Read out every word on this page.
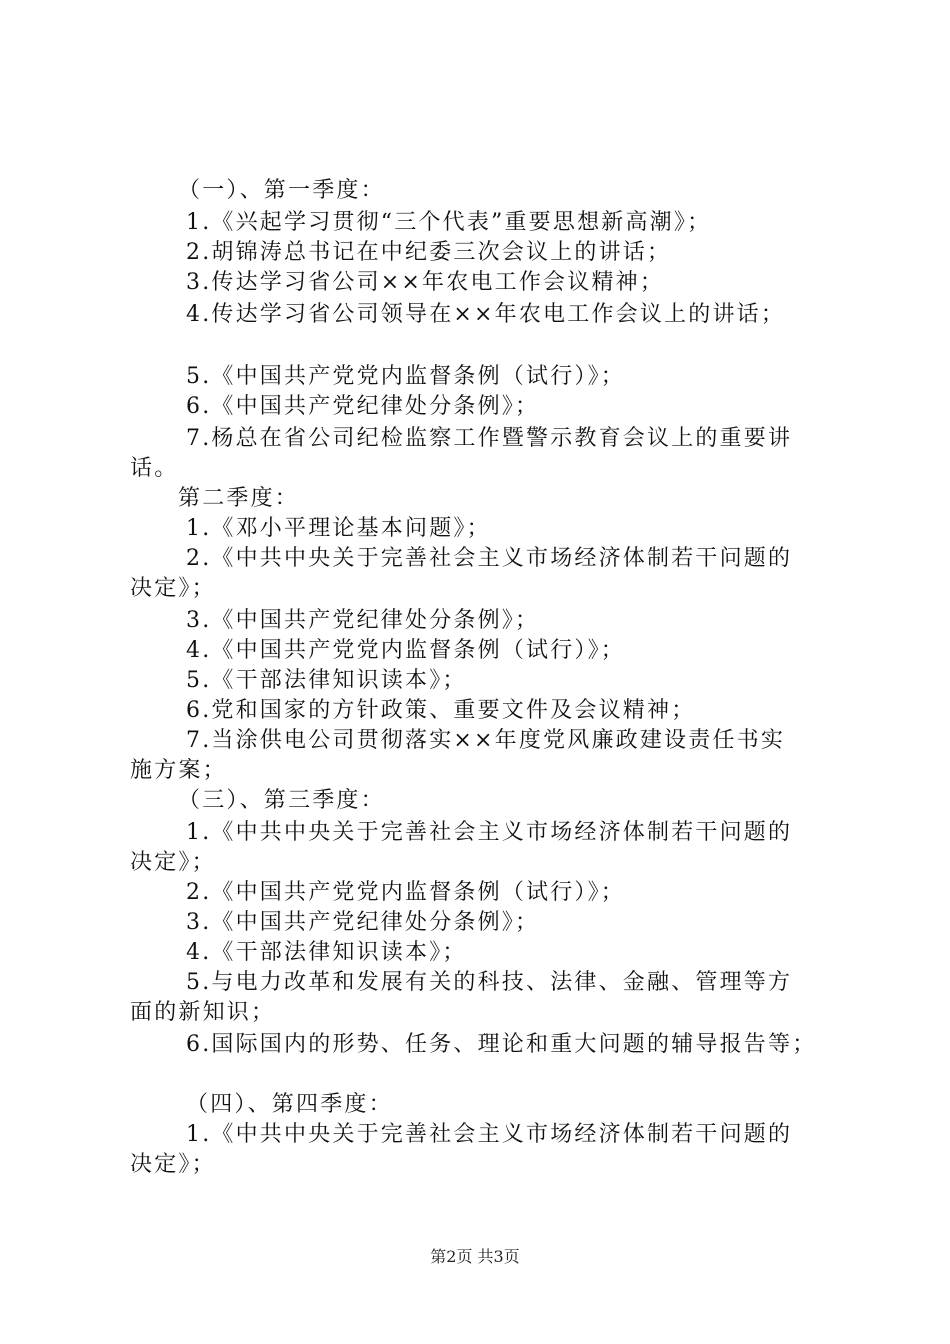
（一）、第一季度：
1.《兴起学习贯彻“三个代表”重要思想新高潮》；
2.胡锦涛总书记在中纪委三次会议上的讲话；
3.传达学习省公司××年农电工作会议精神；
4.传达学习省公司领导在××年农电工作会议上的讲话；
5.《中国共产党党内监督条例（试行）》；
6.《中国共产党纪律处分条例》；
7.杨总在省公司纪检监察工作暨警示教育会议上的重要讲
话。
第二季度：
1.《邓小平理论基本问题》；
2.《中共中央关于完善社会主义市场经济体制若干问题的
决定》；
3.《中国共产党纪律处分条例》；
4.《中国共产党党内监督条例（试行）》；
5.《干部法律知识读本》；
6.党和国家的方针政策、重要文件及会议精神；
7.当涂供电公司贯彻落实××年度党风廉政建设责任书实
施方案；
（三）、第三季度：
1.《中共中央关于完善社会主义市场经济体制若干问题的
决定》；
2.《中国共产党党内监督条例（试行）》；
3.《中国共产党纪律处分条例》；
4.《干部法律知识读本》；
5.与电力改革和发展有关的科技、法律、金融、管理等方
面的新知识；
6.国际国内的形势、任务、理论和重大问题的辅导报告等；
（四）、第四季度：
1.《中共中央关于完善社会主义市场经济体制若干问题的
决定》；
第2页 共3页
